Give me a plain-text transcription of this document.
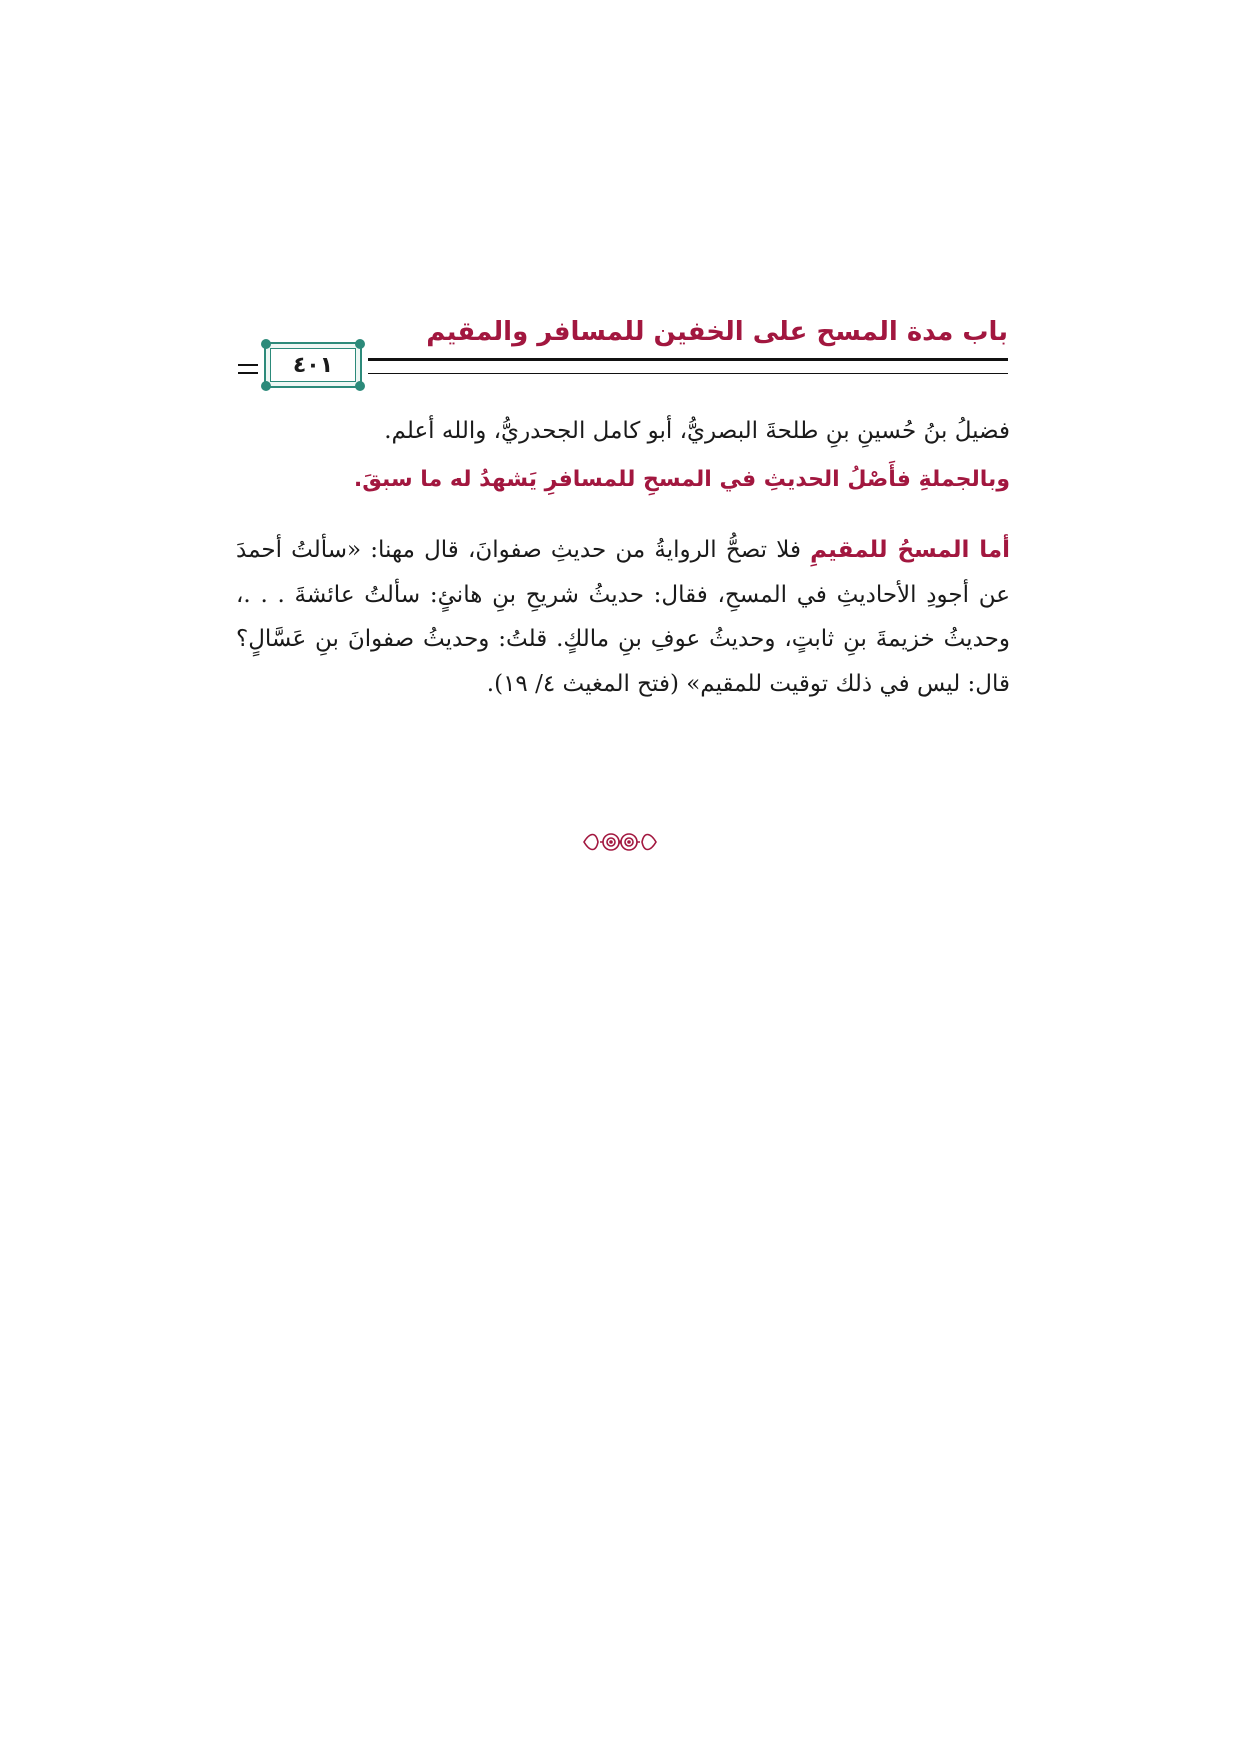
باب مدة المسح على الخفين للمسافر والمقيم
٤٠١

فضيلُ بنُ حُسينِ بنِ طلحةَ البصريُّ، أبو كامل الجحدريُّ، والله أعلم.

وبالجملةِ فأَصْلُ الحديثِ في المسحِ للمسافرِ يَشهدُ له ما سبقَ.

أما المسحُ للمقيمِ فلا تصحُّ الروايةُ من حديثِ صفوانَ، قال مهنا: «سألتُ أحمدَ عن أجودِ الأحاديثِ في المسحِ، فقال: حديثُ شريحِ بنِ هانئٍ: سألتُ عائشةَ . . .، وحديثُ خزيمةَ بنِ ثابتٍ، وحديثُ عوفِ بنِ مالكٍ. قلتُ: وحديثُ صفوانَ بنِ عَسَّالٍ؟ قال: ليس في ذلك توقيت للمقيم» (فتح المغيث ٤/ ١٩).
